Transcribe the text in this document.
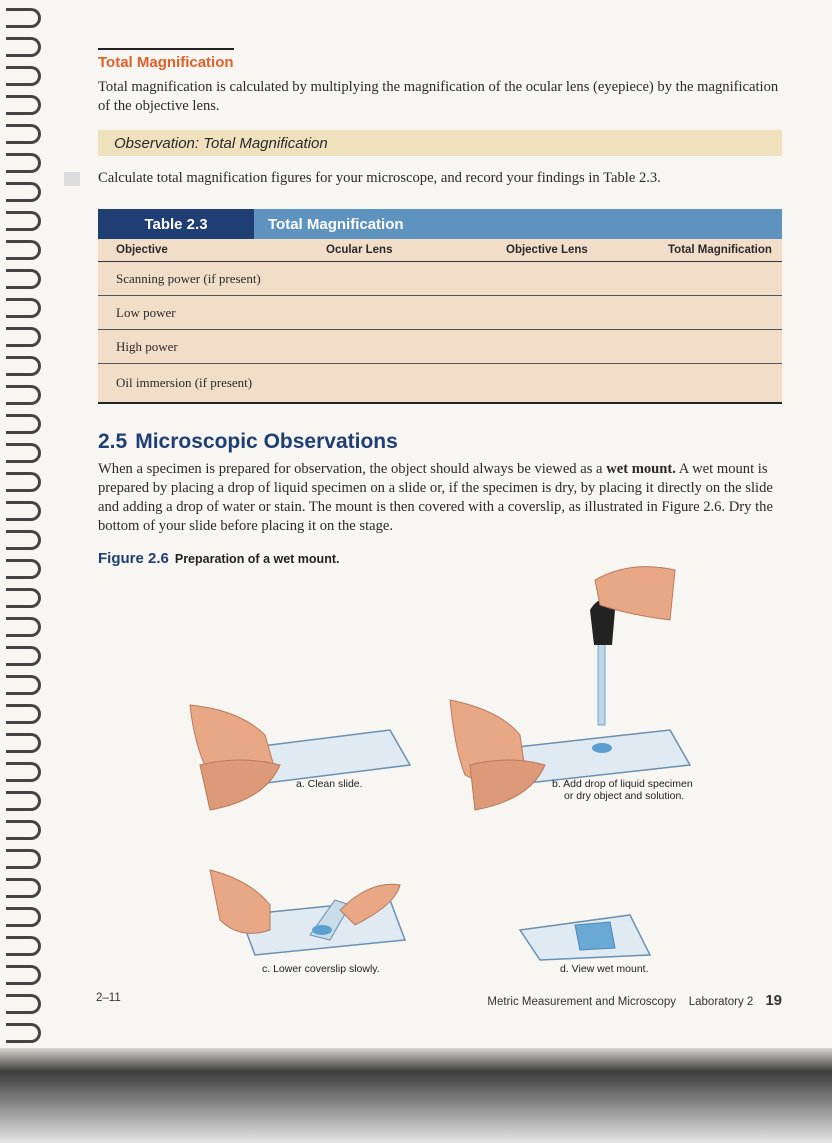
Total Magnification

Total magnification is calculated by multiplying the magnification of the ocular lens (eyepiece) by the magnification of the objective lens.

Observation: Total Magnification
Calculate total magnification figures for your microscope, and record your findings in Table 2.3.
Table 2.3	Total Magnification
Objective	Ocular Lens	Objective Lens	Total Magnification
Scanning power (if present)
Low power
High power
Oil immersion (if present)
2.5 Microscopic Observations

When a specimen is prepared for observation, the object should always be viewed as a wet mount. A wet mount is prepared by placing a drop of liquid specimen on a slide or, if the specimen is dry, by placing it directly on the slide and adding a drop of water or stain. The mount is then covered with a coverslip, as illustrated in Figure 2.6. Dry the bottom of your slide before placing it on the stage.

Figure 2.6 Preparation of a wet mount.
a. Clean slide.	b. Add drop of liquid specimen
or dry object and solution.
c. Lower coverslip slowly.	d. View wet mount.
2–11	Metric Measurement and Microscopy    Laboratory 2 19
